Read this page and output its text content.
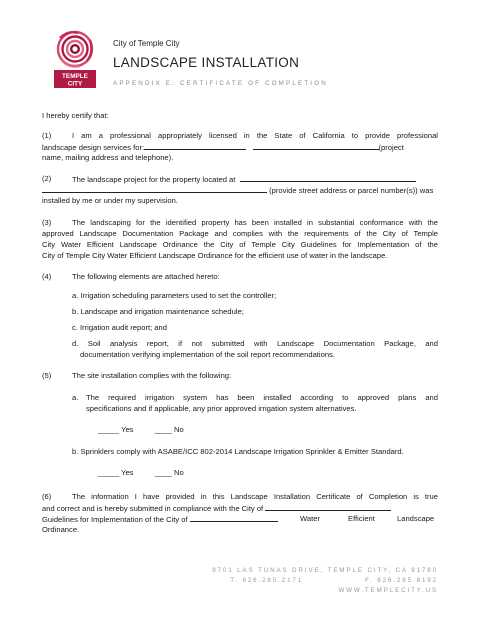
TEMPLE
CITY
City of Temple City
LANDSCAPE INSTALLATION
APPENDIX E: CERTIFICATE OF COMPLETION
I hereby certify that:
(1)	I am a professional appropriately licensed in the State of California to provide professional
landscape design services for:	(project
name, mailing address and telephone).
(2)	The landscape project for the property located at
(provide street address or parcel number(s)) was
installed by me or under my supervision.
(3)	The landscaping for the identified property has been installed in substantial conformance with the
approved Landscape Documentation Package and complies with the requirements of the City of Temple
City Water Efficient Landscape Ordinance the City of Temple City Guidelines for Implementation of the
City of Temple City Water Efficient Landscape Ordinance for the efficient use of water in the landscape.
(4)	The following elements are attached hereto:
a. Irrigation scheduling parameters used to set the controller;
b. Landscape and irrigation maintenance schedule;
c. Irrigation audit report; and
d. Soil analysis report, if not submitted with Landscape Documentation Package, and
documentation verifying implementation of the soil report recommendations.
(5)	The site installation complies with the following:
a. The required irrigation system has been installed according to approved plans and
specifications and if applicable, any prior approved irrigation system alternatives.
_____ Yes	____ No
b. Sprinklers comply with ASABE/ICC 802-2014 Landscape Irrigation Sprinkler & Emitter Standard.
_____ Yes	____ No
(6)	The information I have provided in this Landscape Installation Certificate of Completion is true
and correct and is hereby submitted in compliance with the City of
Guidelines for Implementation of the City of	Water	Efficient	Landscape
Ordinance.
9701 LAS TUNAS DRIVE, TEMPLE CITY, CA 91780
T. 626.285.2171	F. 626.285.8192
WWW.TEMPLECITY.US
